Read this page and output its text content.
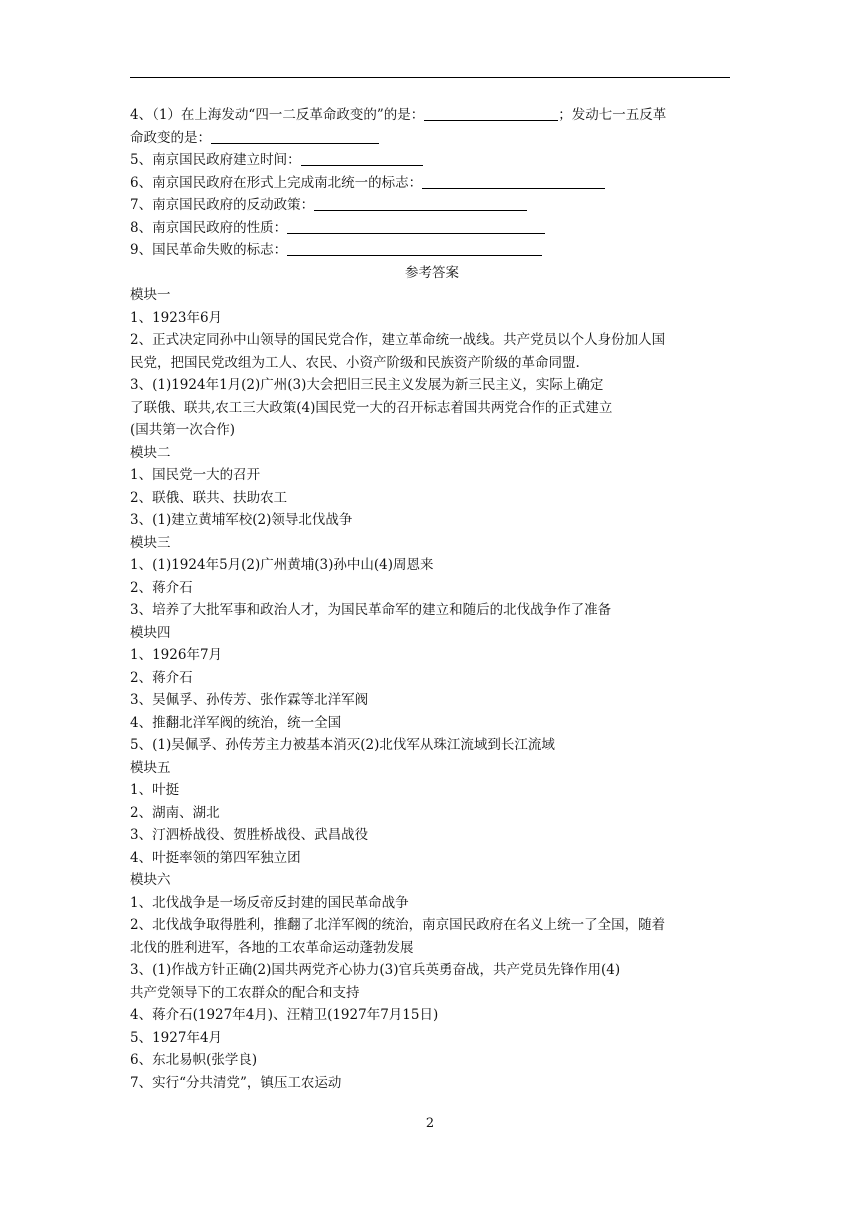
4、（1）在上海发动“四一二反革命政变的”的是：	；发动七一五反革
命政变的是：
5、南京国民政府建立时间：
6、南京国民政府在形式上完成南北统一的标志：
7、南京国民政府的反动政策：
8、南京国民政府的性质：
9、国民革命失败的标志：
参考答案
模块一
1、1923年6月
2、正式决定同孙中山领导的国民党合作，建立革命统一战线。共产党员以个人身份加人国
民党，把国民党改组为工人、农民、小资产阶级和民族资产阶级的革命同盟.
3、(1)1924年1月(2)广州(3)大会把旧三民主义发展为新三民主义，实际上确定
了联俄、联共,农工三大政策(4)国民党一大的召开标志着国共两党合作的正式建立
(国共第一次合作)
模块二
1、国民党一大的召开
2、联俄、联共、扶助农工
3、(1)建立黄埔军校(2)领导北伐战争
模块三
1、(1)1924年5月(2)广州黄埔(3)孙中山(4)周恩来
2、蒋介石
3、培养了大批军事和政治人才，为国民革命军的建立和随后的北伐战争作了准备
模块四
1、1926年7月
2、蒋介石
3、吴佩孚、孙传芳、张作霖等北洋军阀
4、推翻北洋军阀的统治，统一全国
5、(1)吴佩孚、孙传芳主力被基本消灭(2)北伐军从珠江流域到长江流域
模块五
1、叶挺
2、湖南、湖北
3、汀泗桥战役、贺胜桥战役、武昌战役
4、叶挺率领的第四军独立团
模块六
1、北伐战争是一场反帝反封建的国民革命战争
2、北伐战争取得胜利，推翻了北洋军阀的统治，南京国民政府在名义上统一了全国，随着
北伐的胜利进军，各地的工农革命运动蓬勃发展
3、(1)作战方针正确(2)国共两党齐心协力(3)官兵英勇奋战，共产党员先锋作用(4)
共产党领导下的工农群众的配合和支持
4、蒋介石(1927年4月)、汪精卫(1927年7月15日)
5、1927年4月
6、东北易帜(张学良)
7、实行“分共清党”，镇压工农运动
2
